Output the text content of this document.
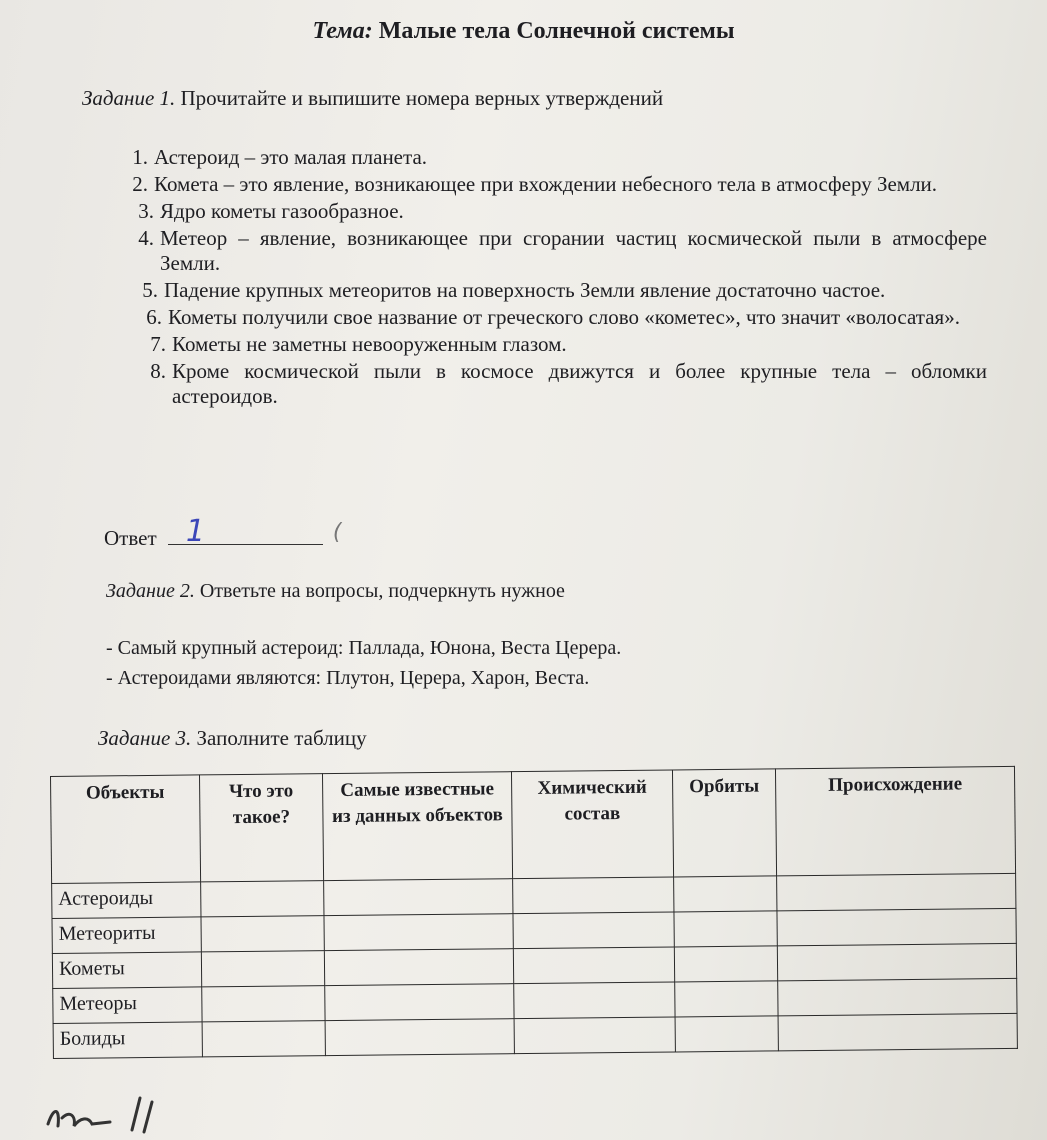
Тема: Малые тела Солнечной системы
Задание 1. Прочитайте и выпишите номера верных утверждений
1. Астероид – это малая планета.
2. Комета – это явление, возникающее при вхождении небесного тела в атмосферу Земли.
3. Ядро кометы газообразное.
4. Метеор – явление, возникающее при сгорании частиц космической пыли в атмосфере Земли.
5. Падение крупных метеоритов на поверхность Земли явление достаточно частое.
6. Кометы получили свое название от греческого слово «кометес», что значит «волосатая».
7. Кометы не заметны невооруженным глазом.
8. Кроме космической пыли в космосе движутся и более крупные тела – обломки астероидов.
Ответ 1	(
Задание 2. Ответьте на вопросы, подчеркнуть нужное
- Самый крупный астероид: Паллада, Юнона, Веста Церера.
- Астероидами являются: Плутон, Церера, Харон, Веста.
Задание 3. Заполните таблицу
Объекты	Что это такое?	Самые известные из данных объектов	Химический состав	Орбиты	Происхождение
Астероиды					
Метеориты					
Кометы					
Метеоры					
Болиды					
